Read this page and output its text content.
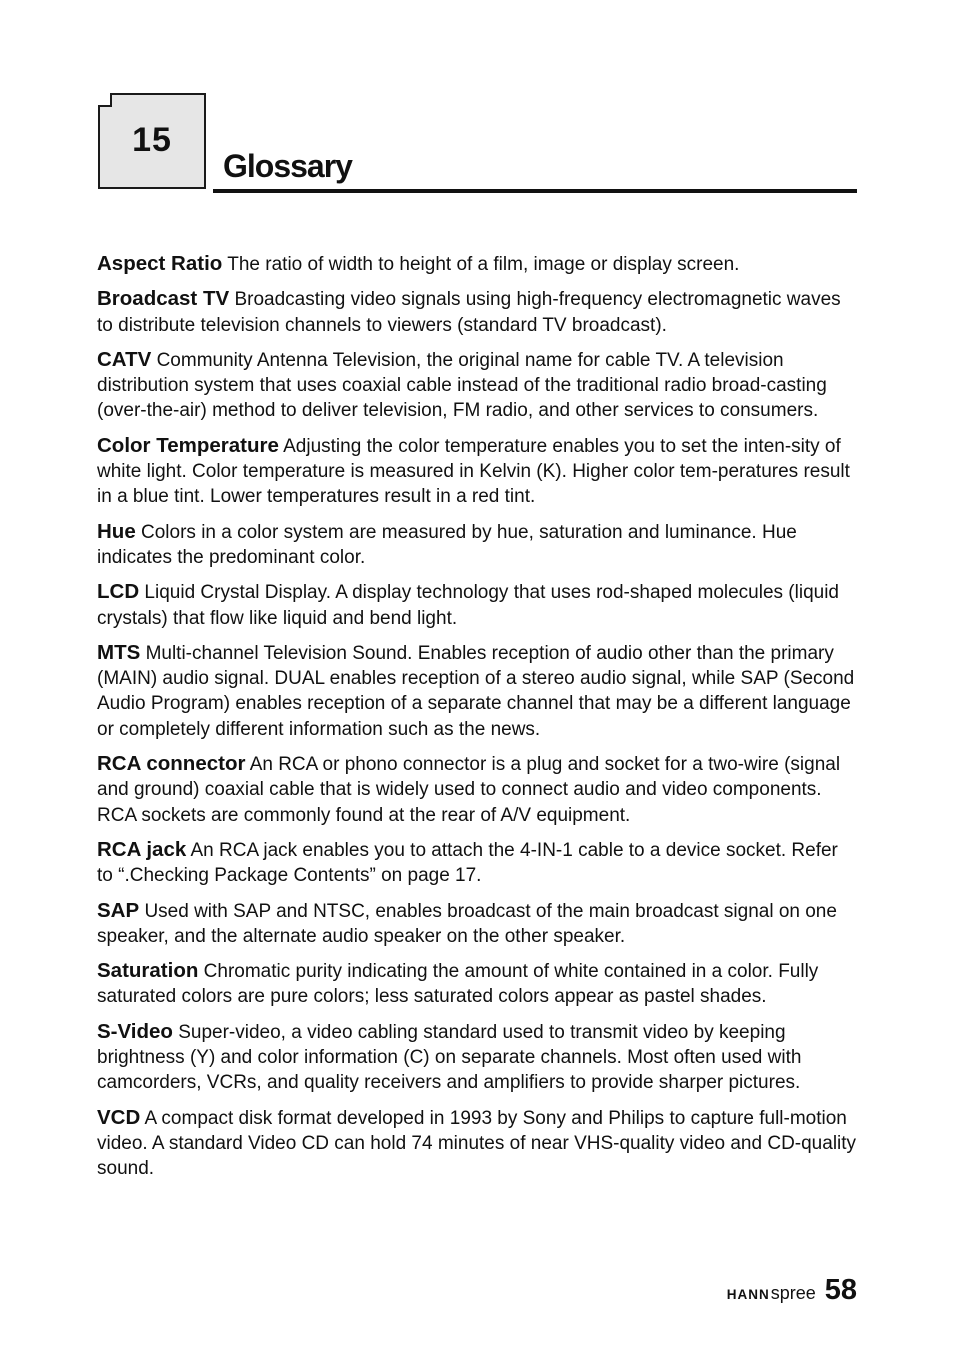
15
Glossary

Aspect Ratio The ratio of width to height of a film, image or display screen.

Broadcast TV Broadcasting video signals using high-frequency electromagnetic waves to distribute television channels to viewers (standard TV broadcast).

CATV Community Antenna Television, the original name for cable TV. A television distribution system that uses coaxial cable instead of the traditional radio broad-casting (over-the-air) method to deliver television, FM radio, and other services to consumers.

Color Temperature Adjusting the color temperature enables you to set the inten-sity of white light. Color temperature is measured in Kelvin (K). Higher color tem-peratures result in a blue tint. Lower temperatures result in a red tint.

Hue Colors in a color system are measured by hue, saturation and luminance. Hue indicates the predominant color.

LCD Liquid Crystal Display. A display technology that uses rod-shaped molecules (liquid crystals) that flow like liquid and bend light.

MTS Multi-channel Television Sound. Enables reception of audio other than the primary (MAIN) audio signal. DUAL enables reception of a stereo audio signal, while SAP (Second Audio Program) enables reception of a separate channel that may be a different language or completely different information such as the news.

RCA connector An RCA or phono connector is a plug and socket for a two-wire (signal and ground) coaxial cable that is widely used to connect audio and video components. RCA sockets are commonly found at the rear of A/V equipment.

RCA jack An RCA jack enables you to attach the 4-IN-1 cable to a device socket. Refer to “.Checking Package Contents” on page 17.

SAP Used with SAP and NTSC, enables broadcast of the main broadcast signal on one speaker, and the alternate audio speaker on the other speaker.

Saturation Chromatic purity indicating the amount of white contained in a color. Fully saturated colors are pure colors; less saturated colors appear as pastel shades.

S-Video Super-video, a video cabling standard used to transmit video by keeping brightness (Y) and color information (C) on separate channels. Most often used with camcorders, VCRs, and quality receivers and amplifiers to provide sharper pictures.

VCD A compact disk format developed in 1993 by Sony and Philips to capture full-motion video. A standard Video CD can hold 74 minutes of near VHS-quality video and CD-quality sound.

HANN spree 58
